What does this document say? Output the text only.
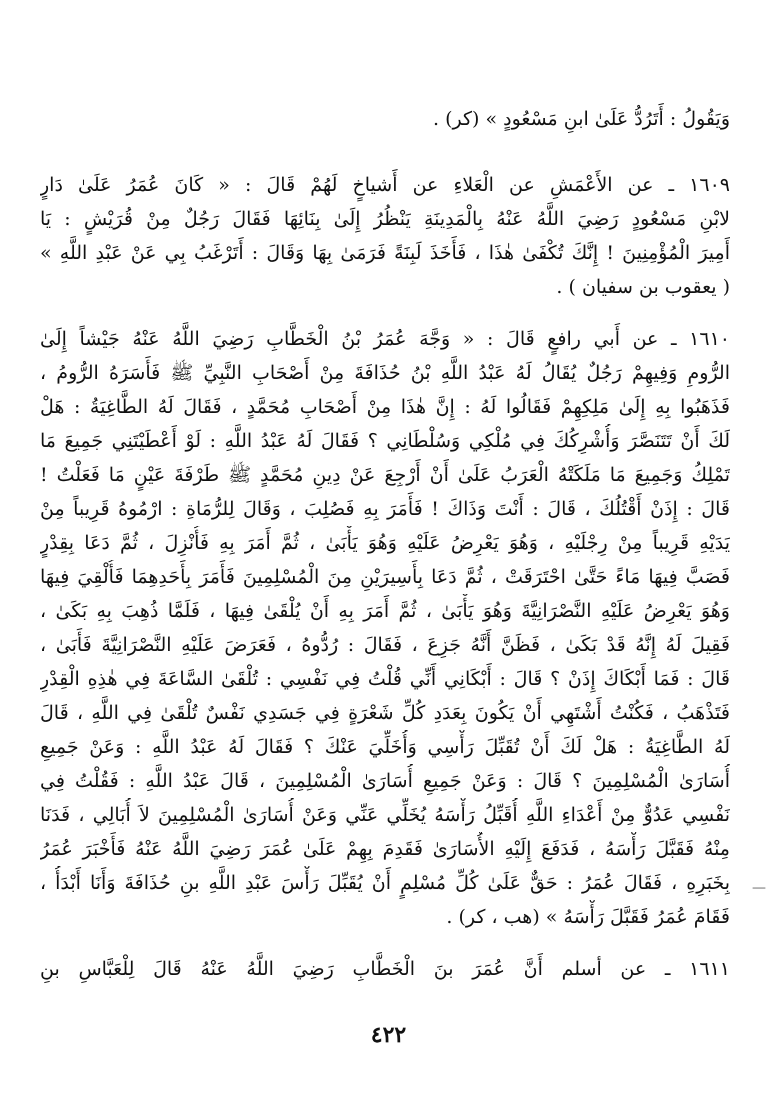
وَيَقُولُ : أَتَرُدُّ عَلَىٰ ابنِ مَسْعُودٍ » (كر) .
١٦٠٩ ـ عن الأَعْمَشِ عن الْعَلاءِ عن أَشياخٍ لَهُمْ قَالَ : « كَانَ عُمَرُ عَلَىٰ دَارٍ
لابْنِ مَسْعُودٍ رَضِيَ اللَّهُ عَنْهُ بِالْمَدِينَةِ يَنْظُرُ إِلَىٰ بِنَائِهَا فَقَالَ رَجُلٌ مِنْ قُرَيْشٍ : يَا
أَمِيرَ الْمُؤْمِنِينَ ! إِنَّكَ تُكْفَىٰ هٰذَا ، فَأَخَذَ لَبِنَةً فَرَمَىٰ بِهَا وَقَالَ : أَتَرْغَبُ بِي عَنْ عَبْدِ اللَّهِ »
( يعقوب بن سفيان ) .
١٦١٠ ـ عن أَبي رافعٍ قَالَ : « وَجَّهَ عُمَرُ بْنُ الْخَطَّابِ رَضِيَ اللَّهُ عَنْهُ جَيْشاً إِلَىٰ
الرُّومِ وَفِيهِمْ رَجُلٌ يُقَالُ لَهُ عَبْدُ اللَّهِ بْنُ حُذَافَةَ مِنْ أَصْحَابِ النَّبِيِّ ﷺ فَأَسَرَهُ الرُّومُ ،
فَذَهَبُوا بِهِ إِلَىٰ مَلِكِهِمْ فَقَالُوا لَهُ : إِنَّ هٰذَا مِنْ أَصْحَابِ مُحَمَّدٍ ، فَقَالَ لَهُ الطَّاغِيَةُ : هَلْ
لَكَ أَنْ تَتَنَصَّرَ وَأُشْرِكُكَ فِي مُلْكِي وَسُلْطَانِي ؟ فَقَالَ لَهُ عَبْدُ اللَّهِ : لَوْ أَعْطَيْتَنِي جَمِيعَ مَا
تَمْلِكُ وَجَمِيعَ مَا مَلَكَتْهُ الْعَرَبُ عَلَىٰ أَنْ أَرْجِعَ عَنْ دِينِ مُحَمَّدٍ ﷺ طَرْفَةَ عَيْنٍ مَا فَعَلْتُ !
قَالَ : إِذَنْ أَقْتُلُكَ ، قَالَ : أَنْتَ وَذَاكَ ! فَأَمَرَ بِهِ فَصُلِبَ ، وَقَالَ لِلرُّمَاةِ : ارْمُوهُ قَرِيباً مِنْ
يَدَيْهِ قَرِيباً مِنْ رِجْلَيْهِ ، وَهُوَ يَعْرِضُ عَلَيْهِ وَهُوَ يَأْبَىٰ ، ثُمَّ أَمَرَ بِهِ فَأُنْزِلَ ، ثُمَّ دَعَا بِقِدْرٍ
فَصَبَّ فِيهَا مَاءً حَتَّىٰ احْتَرَقَتْ ، ثُمَّ دَعَا بِأَسِيرَيْنِ مِنَ الْمُسْلِمِينَ فَأَمَرَ بِأَحَدِهِمَا فَأُلْقِيَ فِيهَا
وَهُوَ يَعْرِضُ عَلَيْهِ النَّصْرَانِيَّةَ وَهُوَ يَأْبَىٰ ، ثُمَّ أَمَرَ بِهِ أَنْ يُلْقَىٰ فِيهَا ، فَلَمَّا ذُهِبَ بِهِ بَكَىٰ ،
فَقِيلَ لَهُ إِنَّهُ قَدْ بَكَىٰ ، فَظَنَّ أَنَّهُ جَزِعَ ، فَقَالَ : رُدُّوهُ ، فَعَرَضَ عَلَيْهِ النَّصْرَانِيَّةَ فَأَبَىٰ ،
قَالَ : فَمَا أَبْكَاكَ إِذَنْ ؟ قَالَ : أَبْكَانِي أَنِّي قُلْتُ فِي نَفْسِي : تُلْقَىٰ السَّاعَةَ فِي هٰذِهِ الْقِدْرِ
فَتَذْهَبُ ، فَكُنْتُ أَشْتَهِي أَنْ يَكُونَ بِعَدَدِ كُلِّ شَعْرَةٍ فِي جَسَدِي نَفْسٌ تُلْقَىٰ فِي اللَّهِ ، قَالَ
لَهُ الطَّاغِيَةُ : هَلْ لَكَ أَنْ تُقَبِّلَ رَأْسِي وَأُخَلِّيَ عَنْكَ ؟ فَقَالَ لَهُ عَبْدُ اللَّهِ : وَعَنْ جَمِيعِ
أُسَارَىٰ الْمُسْلِمِينَ ؟ قَالَ : وَعَنْ جَمِيعِ أُسَارَىٰ الْمُسْلِمِينَ ، قَالَ عَبْدُ اللَّهِ : فَقُلْتُ فِي
نَفْسِي عَدُوٌّ مِنْ أَعْدَاءِ اللَّهِ أُقَبِّلُ رَأْسَهُ يُخَلِّي عَنِّي وَعَنْ أُسَارَىٰ الْمُسْلِمِينَ لاَ أُبَالِي ، فَدَنَا
مِنْهُ فَقَبَّلَ رَأْسَهُ ، فَدَفَعَ إِلَيْهِ الأُسَارَىٰ فَقَدِمَ بِهِمْ عَلَىٰ عُمَرَ رَضِيَ اللَّهُ عَنْهُ فَأَخْبَرَ عُمَرُ
بِخَبَرِهِ ، فَقَالَ عُمَرُ : حَقٌّ عَلَىٰ كُلِّ مُسْلِمٍ أَنْ يُقَبِّلَ رَأْسَ عَبْدِ اللَّهِ بنِ حُذَافَةَ وَأَنَا أَبْدَأُ ،
فَقَامَ عُمَرُ فَقَبَّلَ رَأْسَهُ » (هب ، كر) .
١٦١١ ـ عن أسلم أَنَّ عُمَرَ بنَ الْخَطَّابِ رَضِيَ اللَّهُ عَنْهُ قَالَ لِلْعَبَّاسِ بنِ
٤٢٢
—
